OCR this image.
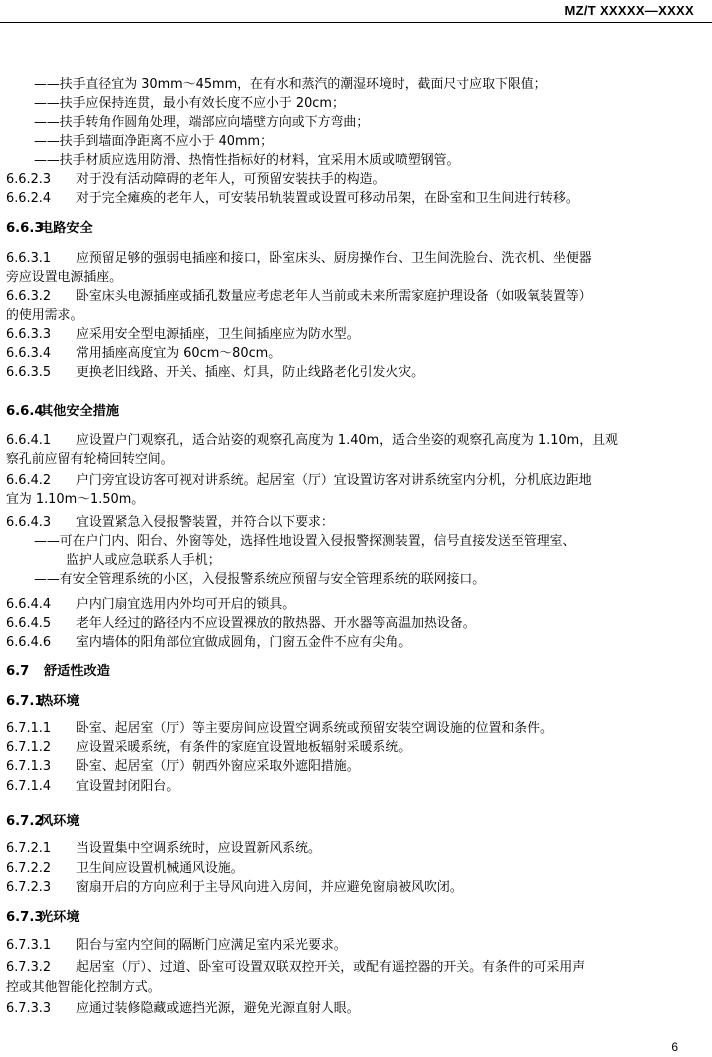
MZ/T XXXXX—XXXX
——扶手直径宜为 30mm～45mm，在有水和蒸汽的潮湿环境时，截面尺寸应取下限值；
——扶手应保持连贯，最小有效长度不应小于 20cm；
——扶手转角作圆角处理，端部应向墙壁方向或下方弯曲；
——扶手到墙面净距离不应小于 40mm；
——扶手材质应选用防滑、热惰性指标好的材料，宜采用木质或喷塑钢管。
6.6.2.3 对于没有活动障碍的老年人，可预留安装扶手的构造。
6.6.2.4 对于完全瘫痪的老年人，可安装吊轨装置或设置可移动吊架，在卧室和卫生间进行转移。
6.6.3电路安全
6.6.3.1 应预留足够的强弱电插座和接口，卧室床头、厨房操作台、卫生间洗脸台、洗衣机、坐便器
旁应设置电源插座。
6.6.3.2 卧室床头电源插座或插孔数量应考虑老年人当前或未来所需家庭护理设备（如吸氧装置等）
的使用需求。
6.6.3.3 应采用安全型电源插座，卫生间插座应为防水型。
6.6.3.4 常用插座高度宜为 60cm～80cm。
6.6.3.5 更换老旧线路、开关、插座、灯具，防止线路老化引发火灾。
6.6.4其他安全措施
6.6.4.1 应设置户门观察孔，适合站姿的观察孔高度为 1.40m，适合坐姿的观察孔高度为 1.10m，且观
察孔前应留有轮椅回转空间。
6.6.4.2 户门旁宜设访客可视对讲系统。起居室（厅）宜设置访客对讲系统室内分机，分机底边距地
宜为 1.10m～1.50m。
6.6.4.3 宜设置紧急入侵报警装置，并符合以下要求：
——可在户门内、阳台、外窗等处，选择性地设置入侵报警探测装置，信号直接发送至管理室、
监护人或应急联系人手机；
——有安全管理系统的小区，入侵报警系统应预留与安全管理系统的联网接口。
6.6.4.4 户内门扇宜选用内外均可开启的锁具。
6.6.4.5 老年人经过的路径内不应设置裸放的散热器、开水器等高温加热设备。
6.6.4.6 室内墙体的阳角部位宜做成圆角，门窗五金件不应有尖角。
6.7 舒适性改造
6.7.1热环境
6.7.1.1 卧室、起居室（厅）等主要房间应设置空调系统或预留安装空调设施的位置和条件。
6.7.1.2 应设置采暖系统，有条件的家庭宜设置地板辐射采暖系统。
6.7.1.3 卧室、起居室（厅）朝西外窗应采取外遮阳措施。
6.7.1.4 宜设置封闭阳台。
6.7.2风环境
6.7.2.1 当设置集中空调系统时，应设置新风系统。
6.7.2.2 卫生间应设置机械通风设施。
6.7.2.3 窗扇开启的方向应利于主导风向进入房间，并应避免窗扇被风吹闭。
6.7.3光环境
6.7.3.1 阳台与室内空间的隔断门应满足室内采光要求。
6.7.3.2 起居室（厅）、过道、卧室可设置双联双控开关，或配有遥控器的开关。有条件的可采用声
控或其他智能化控制方式。
6.7.3.3 应通过装修隐藏或遮挡光源，避免光源直射人眼。
6
